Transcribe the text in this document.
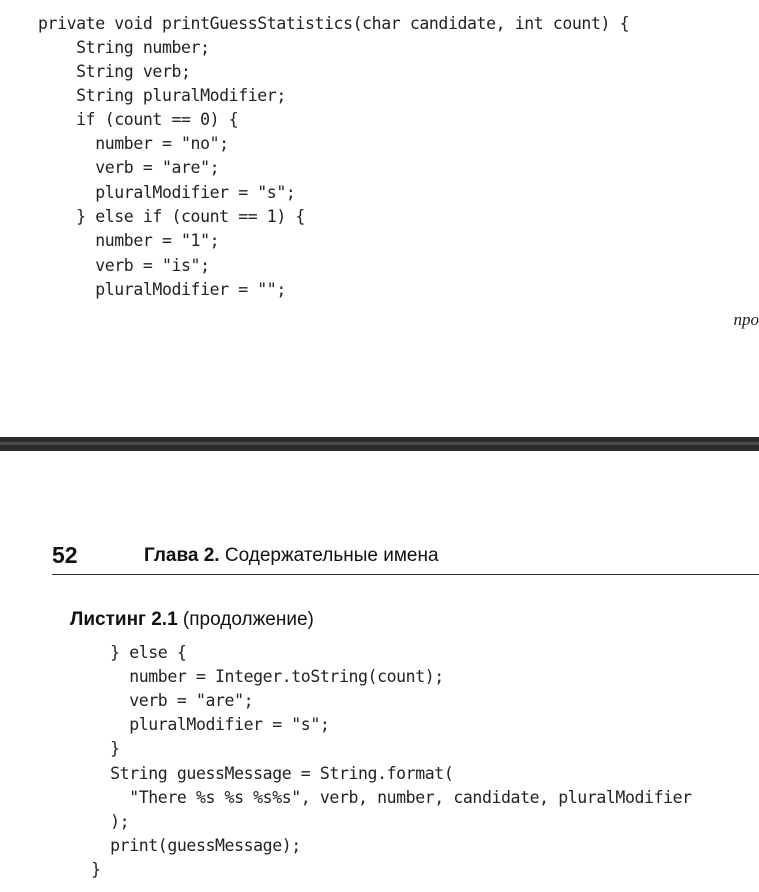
private void printGuessStatistics(char candidate, int count) {
String number;
String verb;
String pluralModifier;
if (count == 0) {
number = "no";
verb = "are";
pluralModifier = "s";
} else if (count == 1) {
number = "1";
verb = "is";
pluralModifier = "";
про
52	Глава 2. Содержательные имена
Листинг 2.1 (продолжение)
} else {
number = Integer.toString(count);
verb = "are";
pluralModifier = "s";
}
String guessMessage = String.format(
"There %s %s %s%s", verb, number, candidate, pluralModifier
);
print(guessMessage);
}
